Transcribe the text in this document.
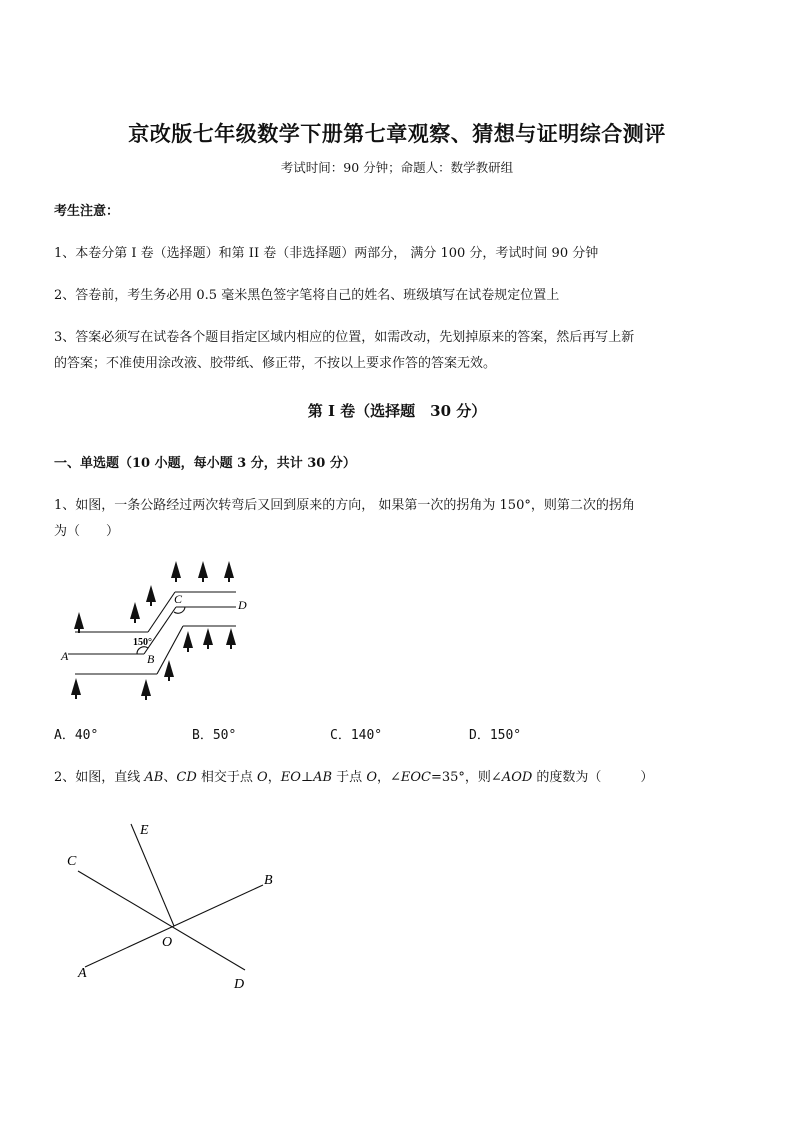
京改版七年级数学下册第七章观察、猜想与证明综合测评
考试时间：90 分钟；命题人：数学教研组
考生注意：
1、本卷分第 I 卷（选择题）和第 II 卷（非选择题）两部分， 满分 100 分，考试时间 90 分钟
2、答卷前，考生务必用 0.5 毫米黑色签字笔将自己的姓名、班级填写在试卷规定位置上
3、答案必须写在试卷各个题目指定区域内相应的位置，如需改动，先划掉原来的答案，然后再写上新
的答案；不准使用涂改液、胶带纸、修正带，不按以上要求作答的答案无效。
第 I 卷（选择题　30 分）
一、单选题（10 小题，每小题 3 分，共计 30 分）
1、如图，一条公路经过两次转弯后又回到原来的方向， 如果第一次的拐角为 150°，则第二次的拐角
为（　　）
A	B
C	D
150°
A．40°	B．50°	C．140°	D．150°
2、如图，直线 AB、CD 相交于点 O，EO⊥AB 于点 O，∠EOC=35°，则∠AOD 的度数为（　　　）
E
C
B
O
A
D
